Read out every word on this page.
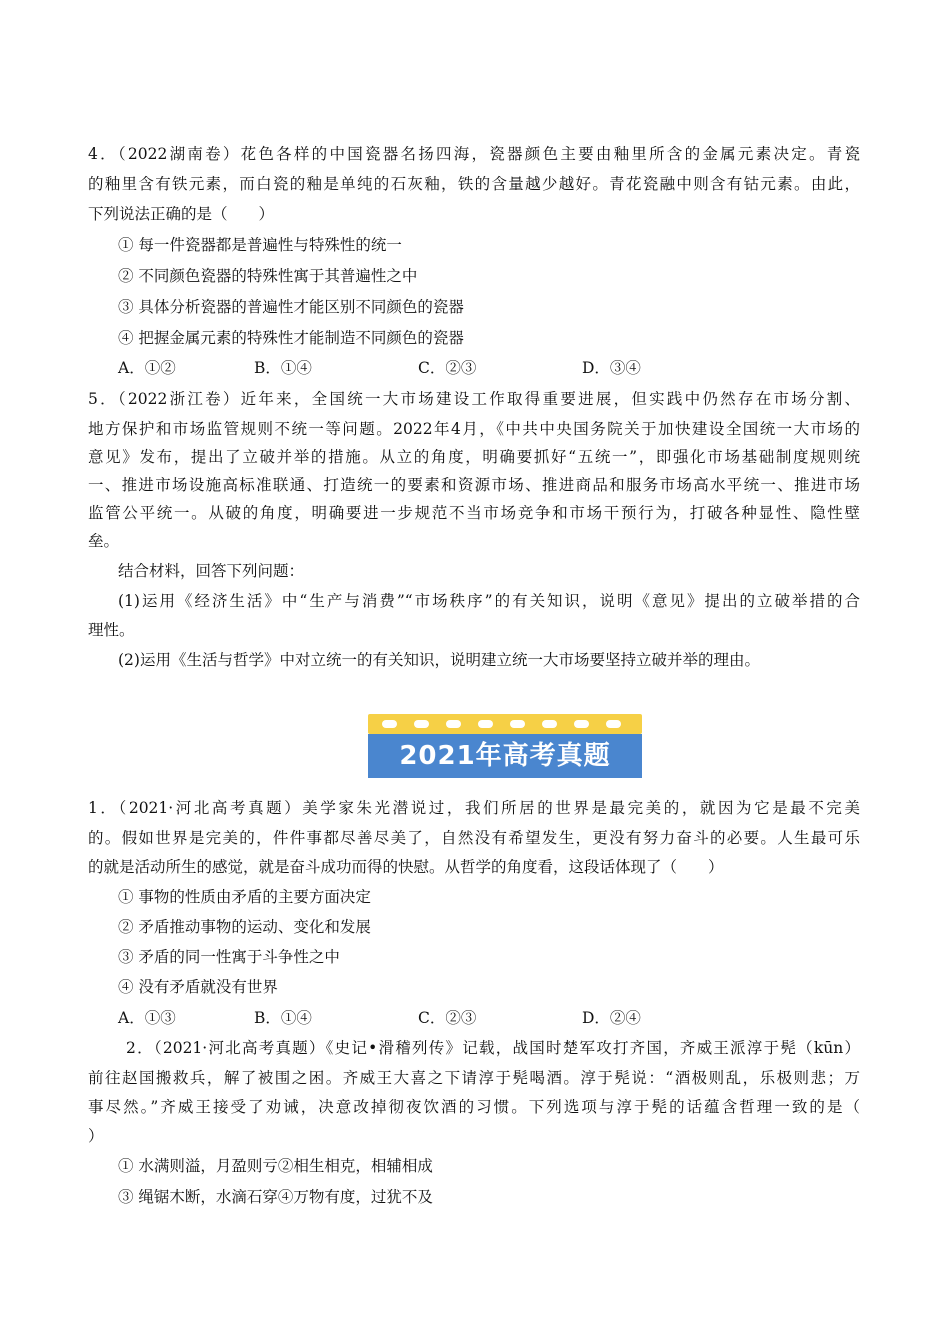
4．（2022湖南卷）花色各样的中国瓷器名扬四海，瓷器颜色主要由釉里所含的金属元素决定。青瓷
的釉里含有铁元素，而白瓷的釉是单纯的石灰釉，铁的含量越少越好。青花瓷融中则含有钴元素。由此，
下列说法正确的是（　　）
① 每一件瓷器都是普遍性与特殊性的统一
② 不同颜色瓷器的特殊性寓于其普遍性之中
③ 具体分析瓷器的普遍性才能区别不同颜色的瓷器
④ 把握金属元素的特殊性才能制造不同颜色的瓷器
A．①②	B．①④	C．②③	D．③④
5．（2022浙江卷）近年来，全国统一大市场建设工作取得重要进展，但实践中仍然存在市场分割、
地方保护和市场监管规则不统一等问题。2022年4月，《中共中央国务院关于加快建设全国统一大市场的
意见》发布，提出了立破并举的措施。从立的角度，明确要抓好“五统一”，即强化市场基础制度规则统
一、推进市场设施高标准联通、打造统一的要素和资源市场、推进商品和服务市场高水平统一、推进市场
监管公平统一。从破的角度，明确要进一步规范不当市场竞争和市场干预行为，打破各种显性、隐性壁
垒。
结合材料，回答下列问题：
(1)运用《经济生活》中“生产与消费”“市场秩序”的有关知识，说明《意见》提出的立破举措的合
理性。
(2)运用《生活与哲学》中对立统一的有关知识，说明建立统一大市场要坚持立破并举的理由。
2021年高考真题
1．（2021·河北高考真题）美学家朱光潜说过，我们所居的世界是最完美的，就因为它是最不完美
的。假如世界是完美的，件件事都尽善尽美了，自然没有希望发生，更没有努力奋斗的必要。人生最可乐
的就是活动所生的感觉，就是奋斗成功而得的快慰。从哲学的角度看，这段话体现了（　　）
① 事物的性质由矛盾的主要方面决定
② 矛盾推动事物的运动、变化和发展
③ 矛盾的同一性寓于斗争性之中
④ 没有矛盾就没有世界
A．①③	B．①④	C．②③	D．②④
2．（2021·河北高考真题）《史记•滑稽列传》记载，战国时楚军攻打齐国，齐威王派淳于髡（kūn）
前往赵国搬救兵，解了被围之困。齐威王大喜之下请淳于髡喝酒。淳于髡说：“酒极则乱，乐极则悲；万
事尽然。”齐威王接受了劝诫，决意改掉彻夜饮酒的习惯。下列选项与淳于髡的话蕴含哲理一致的是（
）
① 水满则溢，月盈则亏②相生相克，相辅相成
③ 绳锯木断，水滴石穿④万物有度，过犹不及
